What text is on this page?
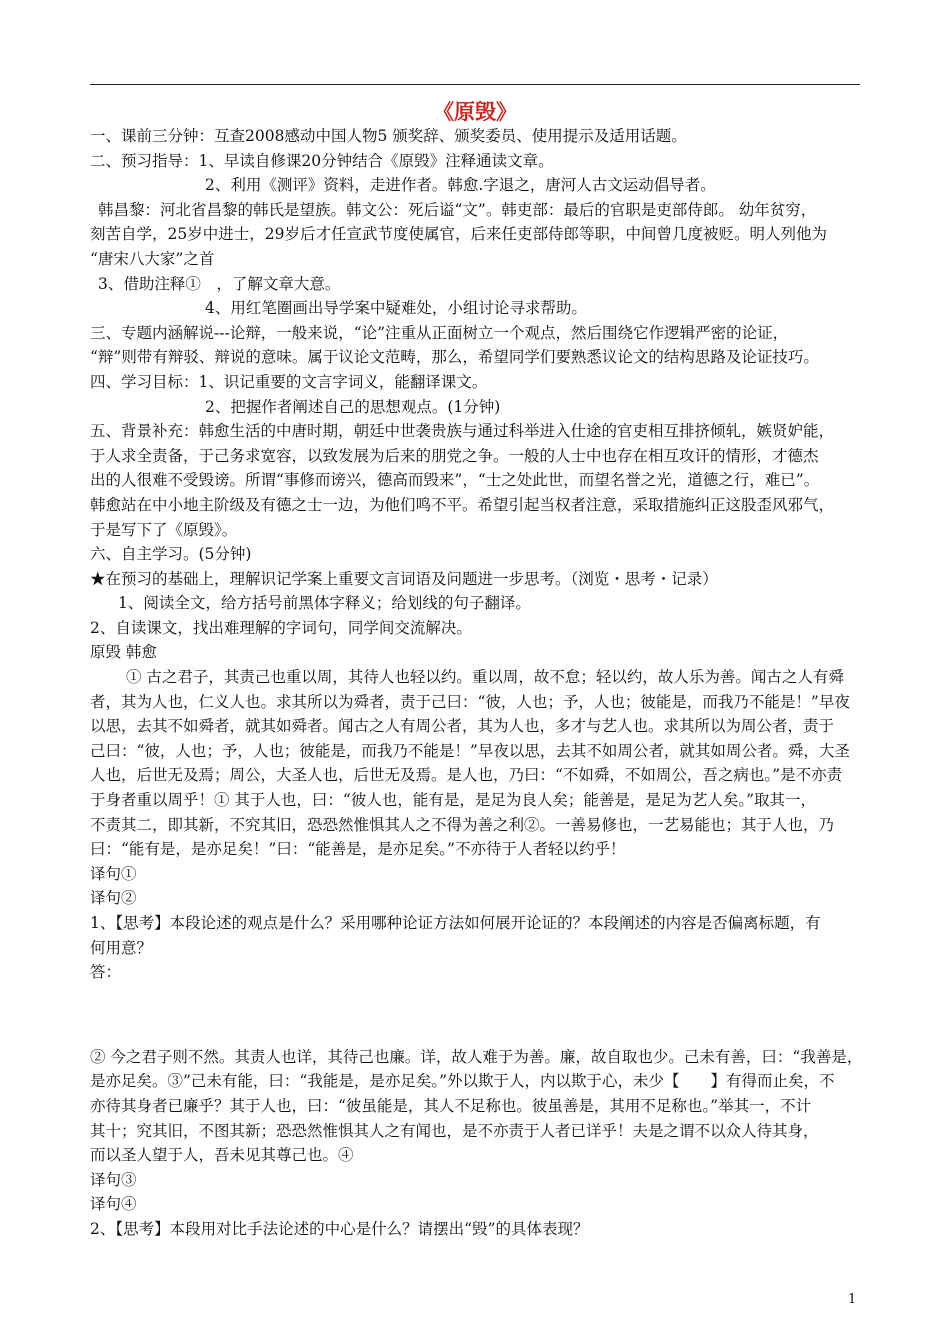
《原毁》

一、课前三分钟：互查2008感动中国人物5 颁奖辞、颁奖委员、使用提示及适用话题。

二、预习指导：1、早读自修课20分钟结合《原毁》注释通读文章。

2、利用《测评》资料，走进作者。韩愈.字退之，唐河人古文运动倡导者。

韩昌黎：河北省昌黎的韩氏是望族。韩文公：死后谥“文”。韩吏部：最后的官职是吏部侍郎。 幼年贫穷，

刻苦自学，25岁中进士，29岁后才任宣武节度使属官，后来任吏部侍郎等职，中间曾几度被贬。明人列他为

“唐宋八大家”之首

3、借助注释①　，了解文章大意。

4、用红笔圈画出导学案中疑难处，小组讨论寻求帮助。

三、专题内涵解说---论辩，一般来说，“论”注重从正面树立一个观点，然后围绕它作逻辑严密的论证，

“辩”则带有辩驳、辩说的意味。属于议论文范畴，那么，希望同学们要熟悉议论文的结构思路及论证技巧。

四、学习目标：1、识记重要的文言字词义，能翻译课文。

2、把握作者阐述自己的思想观点。(1分钟)

五、背景补充：韩愈生活的中唐时期，朝廷中世袭贵族与通过科举进入仕途的官吏相互排挤倾轧，嫉贤妒能，

于人求全责备，于己务求宽容，以致发展为后来的朋党之争。一般的人士中也存在相互攻讦的情形，才德杰

出的人很难不受毁谤。所谓“事修而谤兴，德高而毁来”，“士之处此世，而望名誉之光，道德之行，难已”。

韩愈站在中小地主阶级及有德之士一边，为他们鸣不平。希望引起当权者注意，采取措施纠正这股歪风邪气，

于是写下了《原毁》。

六、自主学习。(5分钟)

★在预习的基础上，理解识记学案上重要文言词语及问题进一步思考。（浏览・思考・记录）

1、阅读全文，给方括号前黑体字释义；给划线的句子翻译。

2、自读课文，找出难理解的字词句，同学间交流解决。

原毁 韩愈

① 古之君子，其责己也重以周，其待人也轻以约。重以周，故不怠；轻以约，故人乐为善。闻古之人有舜

者，其为人也，仁义人也。求其所以为舜者，责于己曰：“彼，人也；予，人也；彼能是，而我乃不能是！”早夜

以思，去其不如舜者，就其如舜者。闻古之人有周公者，其为人也，多才与艺人也。求其所以为周公者，责于

己曰：“彼，人也；予，人也；彼能是，而我乃不能是！”早夜以思，去其不如周公者，就其如周公者。舜，大圣

人也，后世无及焉；周公，大圣人也，后世无及焉。是人也，乃曰：“不如舜，不如周公，吾之病也。”是不亦责

于身者重以周乎！① 其于人也，曰：“彼人也，能有是，是足为良人矣；能善是，是足为艺人矣。”取其一，

不责其二，即其新，不究其旧，恐恐然惟惧其人之不得为善之利②。一善易修也，一艺易能也；其于人也，乃

曰：“能有是，是亦足矣！”曰：“能善是，是亦足矣。”不亦待于人者轻以约乎！

译句①

译句②

1、【思考】本段论述的观点是什么？采用哪种论证方法如何展开论证的？本段阐述的内容是否偏离标题，有

何用意？

答：

② 今之君子则不然。其责人也详，其待己也廉。详，故人难于为善。廉，故自取也少。己未有善，曰：“我善是，

是亦足矣。③”己未有能，曰：“我能是，是亦足矣。”外以欺于人，内以欺于心，未少【　　】有得而止矣，不

亦待其身者已廉乎？其于人也，曰：“彼虽能是，其人不足称也。彼虽善是，其用不足称也。”举其一，不计

其十；究其旧，不图其新；恐恐然惟惧其人之有闻也，是不亦责于人者已详乎！夫是之谓不以众人待其身，

而以圣人望于人，吾未见其尊己也。④

译句③

译句④

2、【思考】本段用对比手法论述的中心是什么？请摆出“毁”的具体表现？

1
